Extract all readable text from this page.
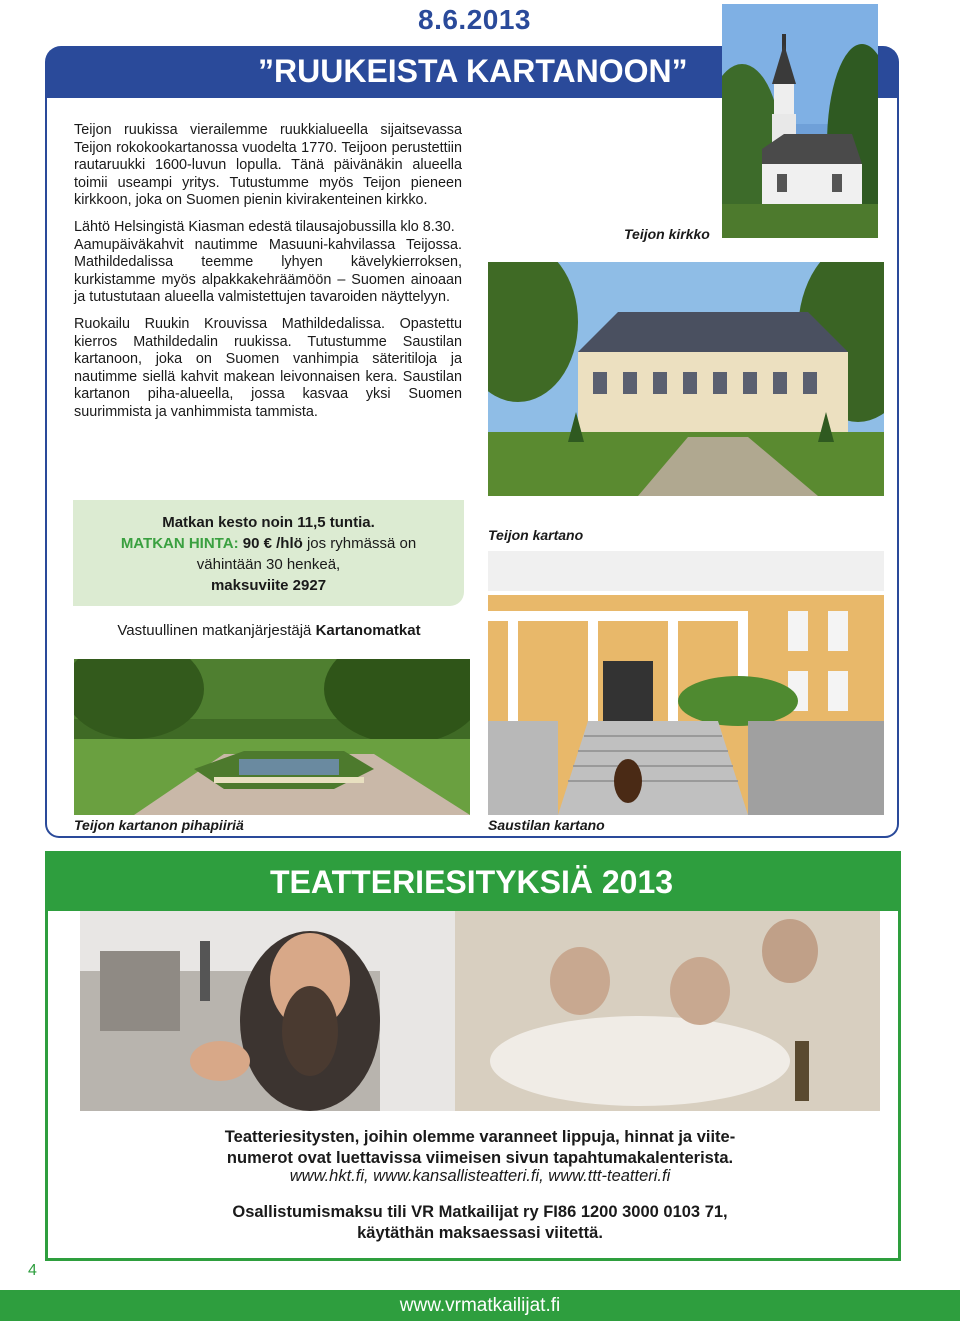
8.6.2013
”RUUKEISTA KARTANOON”
Teijon kirkko

Teijon ruukissa vierailemme ruukkialueella sijaitsevassa Teijon rokokookartanossa vuodelta 1770. Teijoon perustettiin rautaruukki 1600-luvun lopulla. Tänä päivänäkin alueella toimii useampi yritys. Tutustumme myös Teijon pieneen kirkkoon, joka on Suomen pienin kivirakenteinen kirkko.

Lähtö Helsingistä Kiasman edestä tilausajobussilla klo 8.30.

Aamupäiväkahvit nautimme Masuuni-kahvilassa Teijossa. Mathildedalissa teemme lyhyen kävelykierroksen, kurkistamme myös alpakkakehräämöön – Suomen ainoaan ja tutustutaan alueella valmistettujen tavaroiden näyttelyyn.

Ruokailu Ruukin Krouvissa Mathildedalissa. Opastettu kierros Mathildedalin ruukissa. Tutustumme Saustilan kartanoon, joka on Suomen vanhimpia säteritiloja ja nautimme siellä kahvit makean leivonnaisen kera. Saustilan kartanon piha-alueella, jossa kasvaa yksi Suomen suurimmista ja vanhimmista tammista.

Matkan kesto noin 11,5 tuntia.
MATKAN HINTA: 90 € /hlö jos ryhmässä on
vähintään 30 henkeä,
maksuviite 2927
Teijon kartano
Vastuullinen matkanjärjestäjä Kartanomatkat
Teijon kartanon pihapiiriä	Saustilan kartano
TEATTERIESITYKSIÄ 2013
Teatteriesitysten, joihin olemme varanneet lippuja, hinnat ja viite-
numerot ovat luettavissa viimeisen sivun tapahtumakalenterista.
www.hkt.fi, www.kansallisteatteri.fi, www.ttt-teatteri.fi
Osallistumismaksu tili VR Matkailijat ry FI86 1200 3000 0103 71,
käytäthän maksaessasi viitettä.
4
www.vrmatkailijat.fi
